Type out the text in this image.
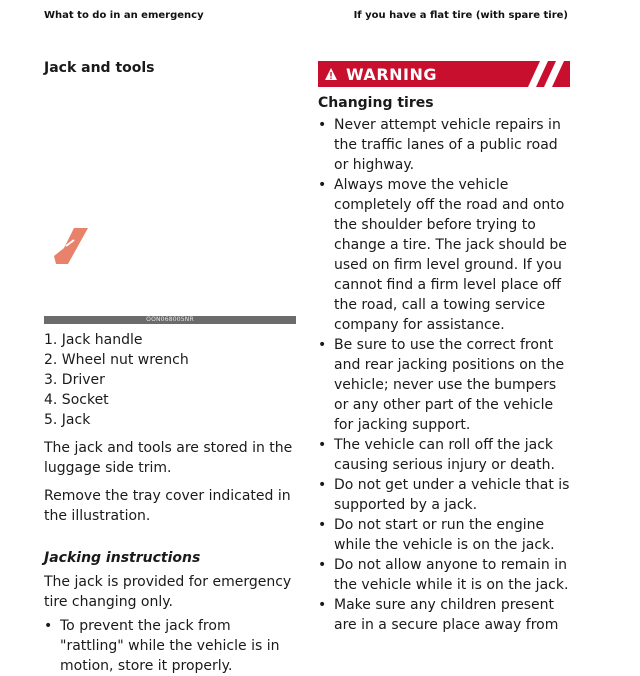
What to do in an emergency	If you have a flat tire (with spare tire)
Jack and tools
OON068005NR
1. Jack handle
2. Wheel nut wrench
3. Driver
4. Socket
5. Jack

The jack and tools are stored in the luggage side trim.

Remove the tray cover indicated in the illustration.

Jacking instructions

The jack is provided for emergency tire changing only.

• To prevent the jack from "rattling" while the vehicle is in motion, store it properly.
WARNING
Changing tires
• Never attempt vehicle repairs in the traffic lanes of a public road or highway.
• Always move the vehicle completely off the road and onto the shoulder before trying to change a tire. The jack should be used on firm level ground. If you cannot find a firm level place off the road, call a towing service company for assistance.
• Be sure to use the correct front and rear jacking positions on the vehicle; never use the bumpers or any other part of the vehicle for jacking support.
• The vehicle can roll off the jack causing serious injury or death.
• Do not get under a vehicle that is supported by a jack.
• Do not start or run the engine while the vehicle is on the jack.
• Do not allow anyone to remain in the vehicle while it is on the jack.
• Make sure any children present are in a secure place away from
